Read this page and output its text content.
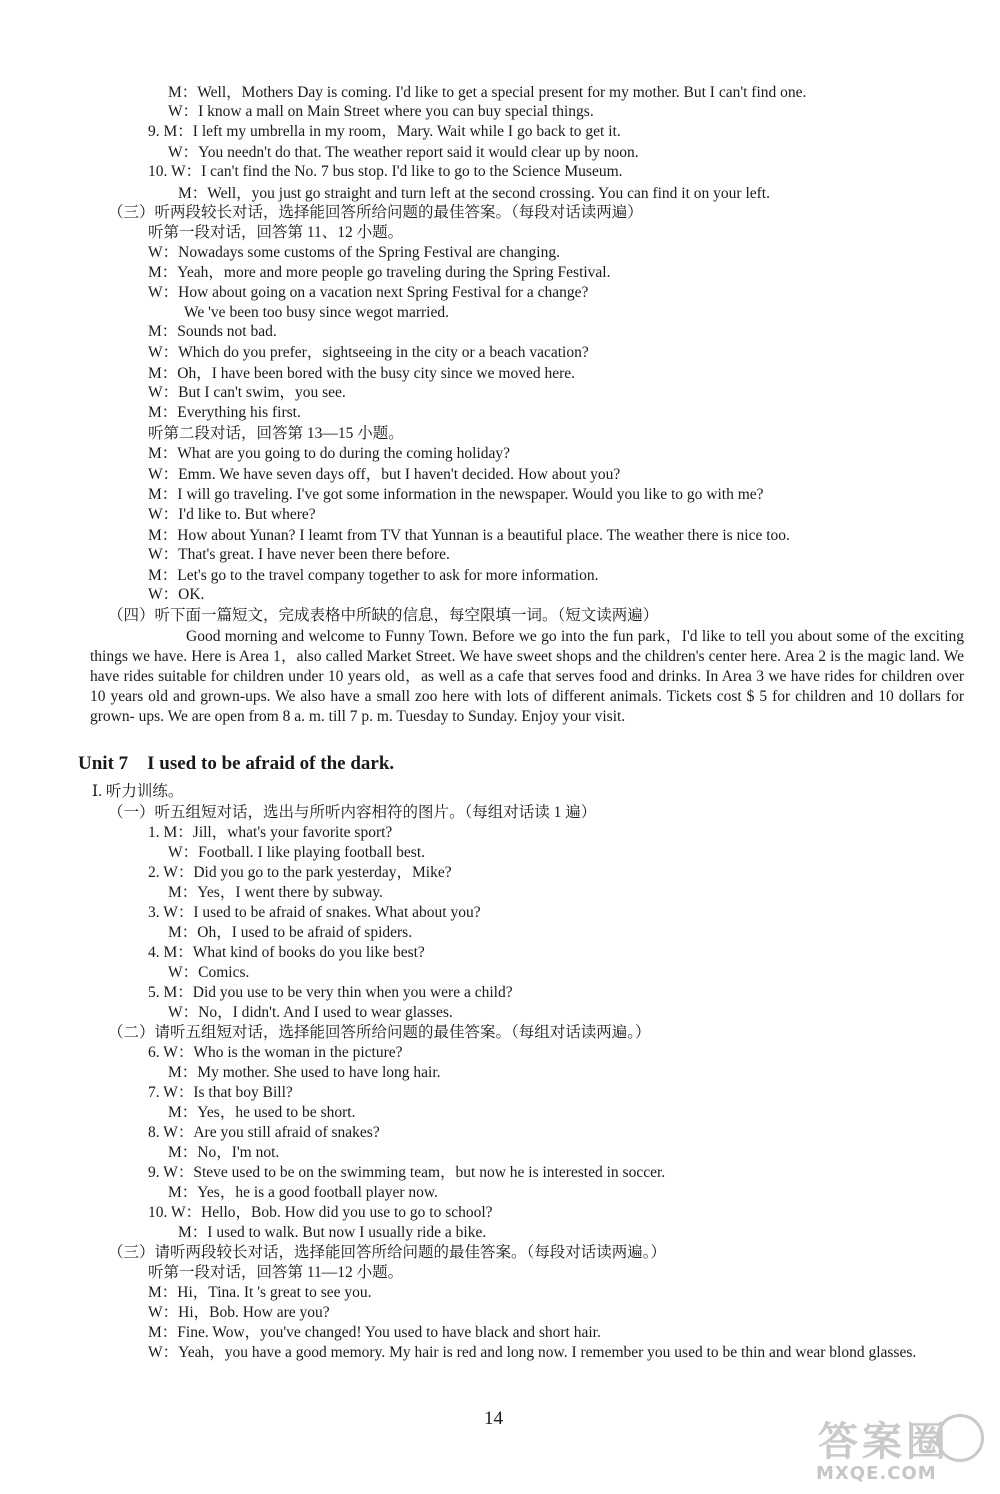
M：Well，Mothers Day is coming. I'd like to get a special present for my mother. But I can't find one.
W：I know a mall on Main Street where you can buy special things.
9. M：I left my umbrella in my room，Mary. Wait while I go back to get it.
W：You needn't do that. The weather report said it would clear up by noon.
10. W：I can't find the No. 7 bus stop. I'd like to go to the Science Museum.
M：Well，you just go straight and turn left at the second crossing. You can find it on your left.
（三）听两段较长对话，选择能回答所给问题的最佳答案。（每段对话读两遍）
听第一段对话，回答第 11、12 小题。
W：Nowadays some customs of the Spring Festival are changing.
M：Yeah，more and more people go traveling during the Spring Festival.
W：How about going on a vacation next Spring Festival for a change?
We 've been too busy since wegot married.
M：Sounds not bad.
W：Which do you prefer，sightseeing in the city or a beach vacation?
M：Oh，I have been bored with the busy city since we moved here.
W：But I can't swim，you see.
M：Everything his first.
听第二段对话，回答第 13—15 小题。
M：What are you going to do during the coming holiday?
W：Emm. We have seven days off，but I haven't decided. How about you?
M：I will go traveling. I've got some information in the newspaper. Would you like to go with me?
W：I'd like to. But where?
M：How about Yunan? I leamt from TV that Yunnan is a beautiful place. The weather there is nice too.
W：That's great. I have never been there before.
M：Let's go to the travel company together to ask for more information.
W：OK.
（四）听下面一篇短文，完成表格中所缺的信息，每空限填一词。（短文读两遍）
Good morning and welcome to Funny Town. Before we go into the fun park，I'd like to tell you about some of the exciting things we have. Here is Area 1，also called Market Street. We have sweet shops and the children's center here. Area 2 is the magic land. We have rides suitable for children under 10 years old，as well as a cafe that serves food and drinks. In Area 3 we have rides for children over 10 years old and grown-ups. We also have a small zoo here with lots of different animals. Tickets cost $ 5 for children and 10 dollars for grown- ups. We are open from 8 a. m. till 7 p. m. Tuesday to Sunday. Enjoy your visit.
Unit 7　I used to be afraid of the dark.
Ⅰ. 听力训练。
（一）听五组短对话，选出与所听内容相符的图片。（每组对话读 1 遍）
1. M：Jill，what's your favorite sport?
W：Football. I like playing football best.
2. W：Did you go to the park yesterday，Mike?
M：Yes，I went there by subway.
3. W：I used to be afraid of snakes. What about you?
M：Oh，I used to be afraid of spiders.
4. M：What kind of books do you like best?
W：Comics.
5. M：Did you use to be very thin when you were a child?
W：No，I didn't. And I used to wear glasses.
（二）请听五组短对话，选择能回答所给问题的最佳答案。（每组对话读两遍。）
6. W：Who is the woman in the picture?
M：My mother. She used to have long hair.
7. W：Is that boy Bill?
M：Yes，he used to be short.
8. W：Are you still afraid of snakes?
M：No，I'm not.
9. W：Steve used to be on the swimming team，but now he is interested in soccer.
M：Yes，he is a good football player now.
10. W：Hello，Bob. How did you use to go to school?
M：I used to walk. But now I usually ride a bike.
（三）请听两段较长对话，选择能回答所给问题的最佳答案。（每段对话读两遍。）
听第一段对话，回答第 11—12 小题。
M：Hi，Tina. It 's great to see you.
W：Hi，Bob. How are you?
M：Fine. Wow，you've changed! You used to have black and short hair.
W：Yeah，you have a good memory. My hair is red and long now. I remember you used to be thin and wear blond glasses.
14
答案圈
MXQE.COM
